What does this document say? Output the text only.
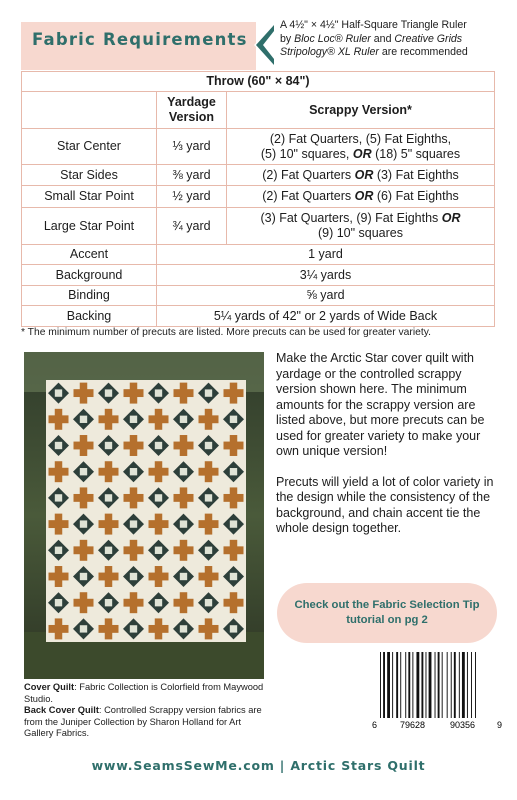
Fabric Requirements
A 4½" × 4½" Half-Square Triangle Ruler
by Bloc Loc® Ruler and Creative Grids
Stripology® XL Ruler are recommended
Throw (60" × 84")		
	Yardage
Version	Scrappy Version*
Star Center	⅓ yard	(2) Fat Quarters, (5) Fat Eighths,
(5) 10" squares, OR (18) 5" squares
Star Sides	⅜ yard	(2) Fat Quarters OR (3) Fat Eighths
Small Star Point	½ yard	(2) Fat Quarters OR (6) Fat Eighths
Large Star Point	¾ yard	(3) Fat Quarters, (9) Fat Eighths OR
(9) 10" squares
Accent	1 yard	
Background	3¼ yards	
Binding	⅝ yard	
Backing	5¼ yards of 42" or 2 yards of Wide Back	
* The minimum number of precuts are listed. More precuts can be used for greater variety.
Cover Quilt: Fabric Collection is Colorfield from Maywood Studio.
Back Cover Quilt: Controlled Scrappy version fabrics are from the Juniper Collection by Sharon Holland for Art Gallery Fabrics.

Make the Arctic Star cover quilt with yardage or the controlled scrappy version shown here. The minimum amounts for the scrappy version are listed above, but more precuts can be used for greater variety to make your own unique version!

Precuts will yield a lot of color variety in the design while the consistency of the background, and chain accent tie the whole design together.

Check out the Fabric Selection Tip tutorial on pg 2
6	79628	90356 9
www.SeamsSewMe.com | Arctic Stars Quilt
